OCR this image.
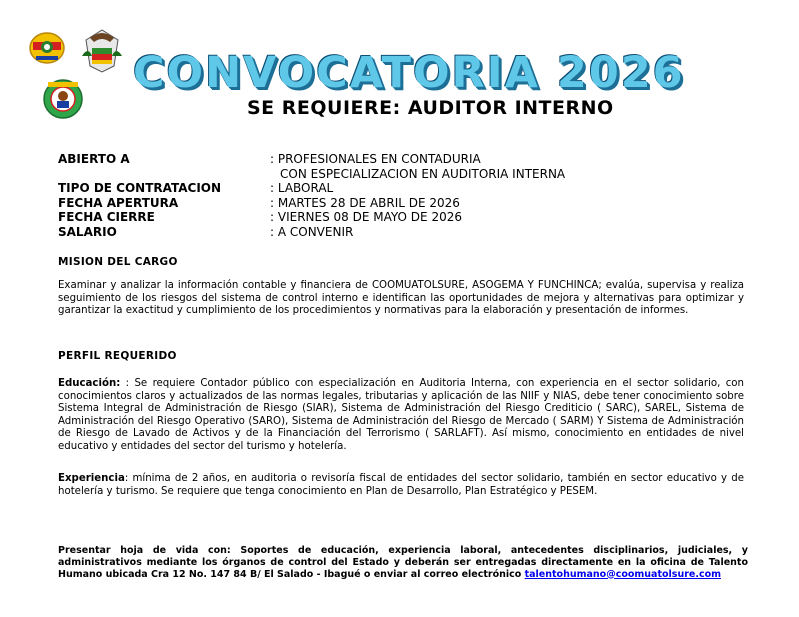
CONVOCATORIA 2026
SE REQUIERE: AUDITOR INTERNO
ABIERTO A	: PROFESIONALES EN CONTADURIA
CON ESPECIALIZACION EN AUDITORIA INTERNA
TIPO DE CONTRATACION	: LABORAL
FECHA APERTURA	: MARTES 28 DE ABRIL DE 2026
FECHA CIERRE	: VIERNES 08 DE MAYO DE 2026
SALARIO	: A CONVENIR
MISION DEL CARGO
Examinar y analizar la información contable y financiera de COOMUATOLSURE, ASOGEMA Y FUNCHINCA; evalúa, supervisa y realiza seguimiento de los riesgos del sistema de control interno e identifican las oportunidades de mejora y alternativas para optimizar y garantizar la exactitud y cumplimiento de los procedimientos y normativas para la elaboración y presentación de informes.
PERFIL REQUERIDO
Educación: : Se requiere Contador público con especialización en Auditoria Interna, con experiencia en el sector solidario, con conocimientos claros y actualizados de las normas legales, tributarias y aplicación de las NIIF y NIAS, debe tener conocimiento sobre Sistema Integral de Administración de Riesgo (SIAR), Sistema de Administración del Riesgo Crediticio ( SARC), SAREL, Sistema de Administración del Riesgo Operativo (SARO), Sistema de Administración del Riesgo de Mercado ( SARM) Y Sistema de Administración de Riesgo de Lavado de Activos y de la Financiación del Terrorismo ( SARLAFT). Así mismo, conocimiento en entidades de nivel educativo y entidades del sector del turismo y hotelería.
Experiencia: mínima de 2 años, en auditoria o revisoría fiscal de entidades del sector solidario, también en sector educativo y de hotelería y turismo. Se requiere que tenga conocimiento en Plan de Desarrollo, Plan Estratégico y PESEM.
Presentar hoja de vida con: Soportes de educación, experiencia laboral, antecedentes disciplinarios, judiciales, y administrativos mediante los órganos de control del Estado y deberán ser entregadas directamente en la oficina de Talento Humano ubicada Cra 12 No. 147 84 B/ El Salado - Ibagué o enviar al correo electrónico talentohumano@coomuatolsure.com
